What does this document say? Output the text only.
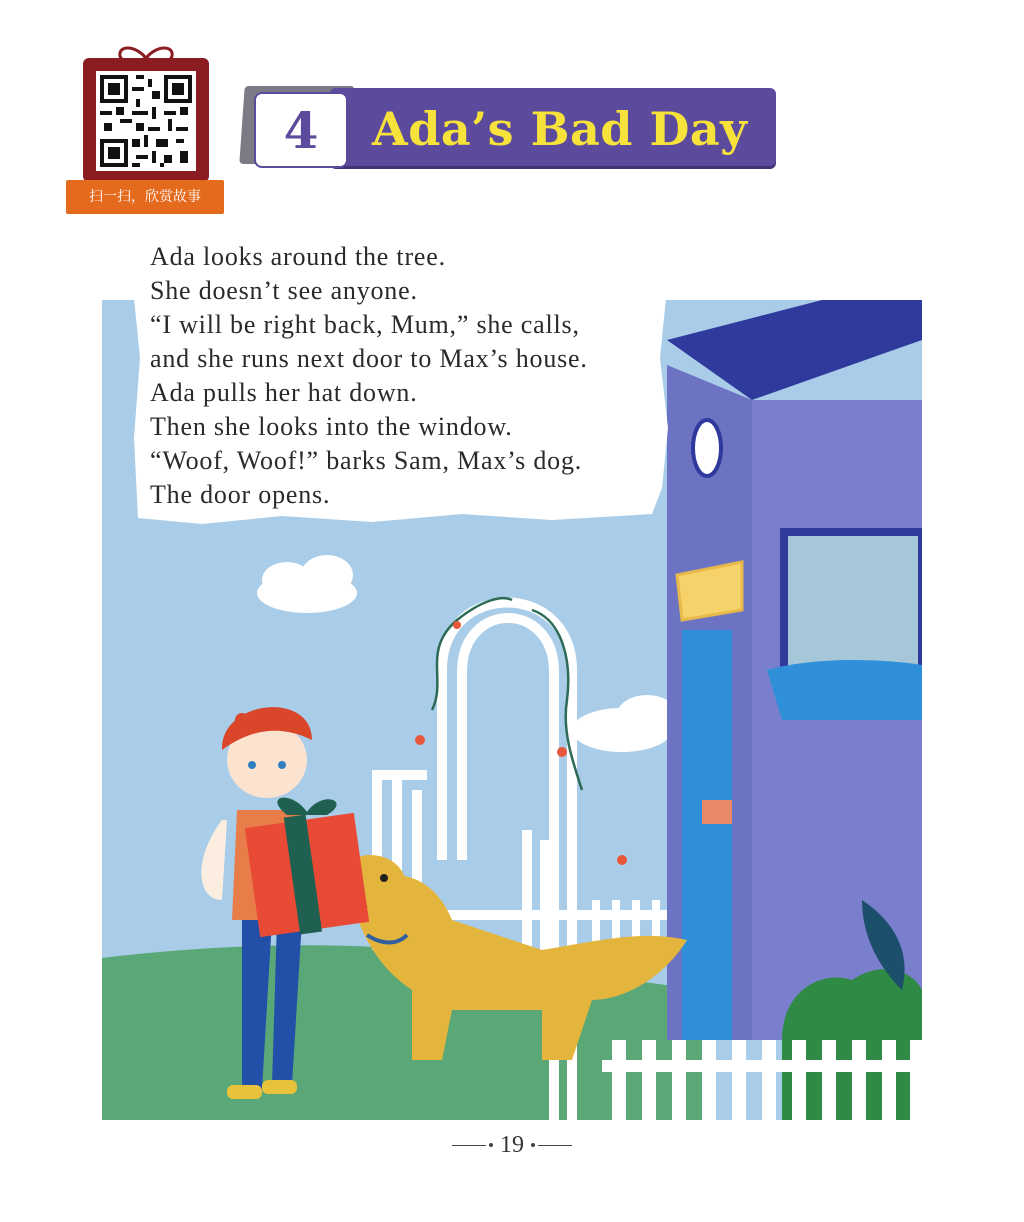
扫一扫，欣赏故事
4	Ada’s Bad Day
Ada looks around the tree.
She doesn’t see anyone.
“I will be right back, Mum,” she calls,
and she runs next door to Max’s house.
Ada pulls her hat down.
Then she looks into the window.
“Woof, Woof!” barks Sam, Max’s dog.
The door opens.
19
